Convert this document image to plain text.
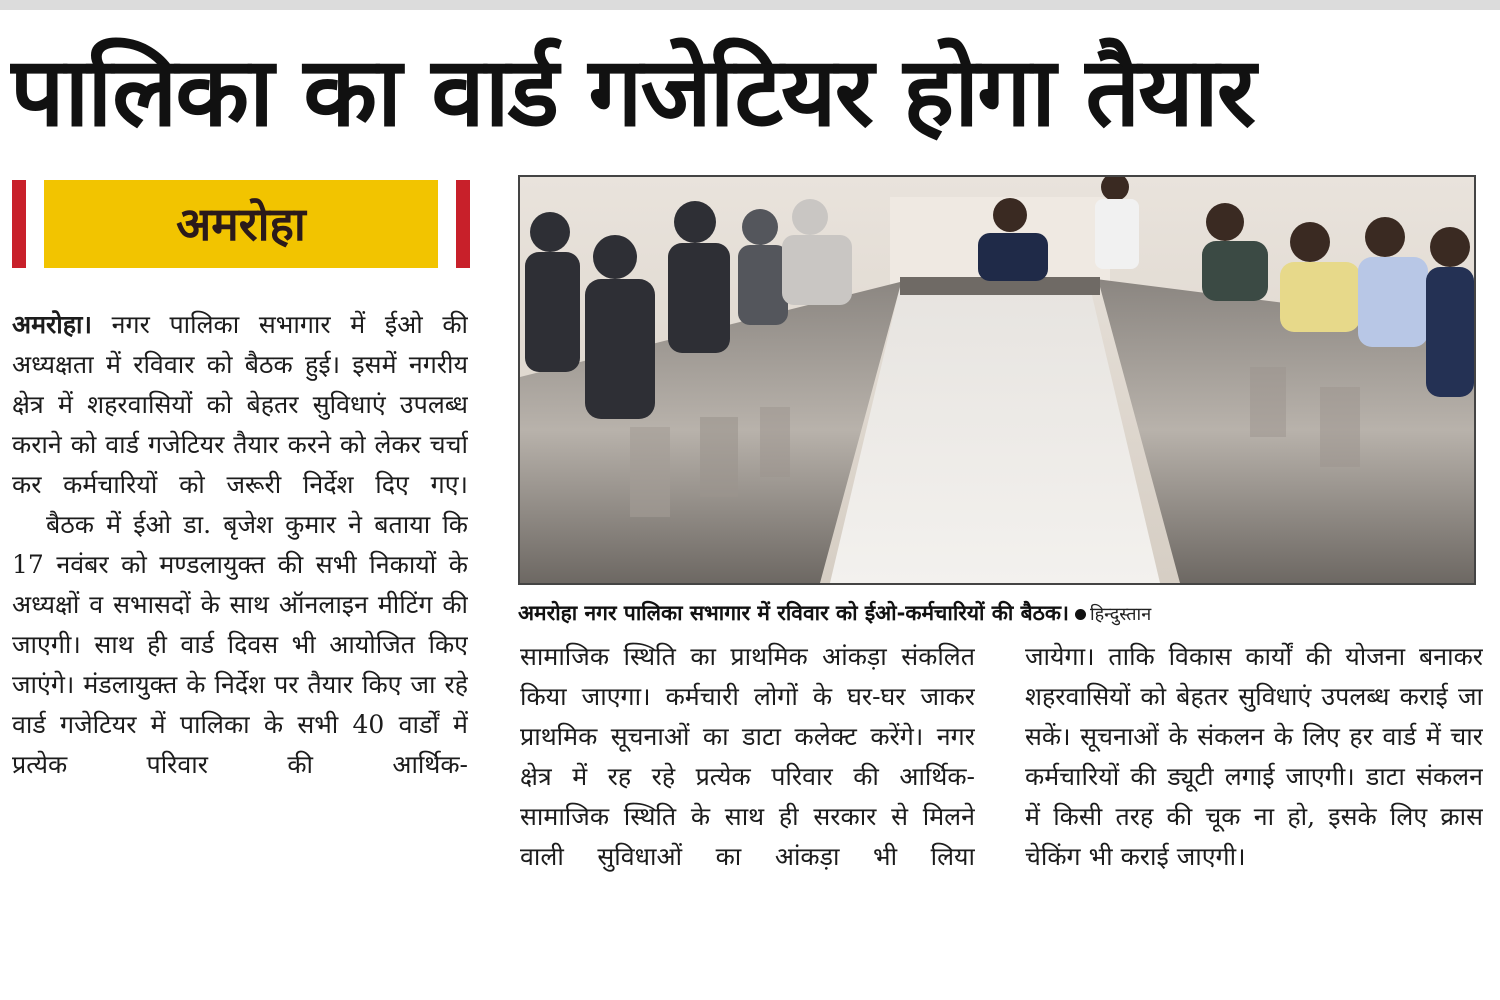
पालिका का वार्ड गजेटियर होगा तैयार
अमरोहा

अमरोहा। नगर पालिका सभागार में ईओ की अध्यक्षता में रविवार को बैठक हुई। इसमें नगरीय क्षेत्र में शहरवासियों को बेहतर सुविधाएं उपलब्ध कराने को वार्ड गजेटियर तैयार करने को लेकर चर्चा कर कर्मचारियों को जरूरी निर्देश दिए गए।

बैठक में ईओ डा. बृजेश कुमार ने बताया कि 17 नवंबर को मण्डलायुक्त की सभी निकायों के अध्यक्षों व सभासदों के साथ ऑनलाइन मीटिंग की जाएगी। साथ ही वार्ड दिवस भी आयोजित किए जाएंगे। मंडलायुक्त के निर्देश पर तैयार किए जा रहे वार्ड गजेटियर में पालिका के सभी 40 वार्डों में प्रत्येक परिवार की आर्थिक-

अमरोहा नगर पालिका सभागार में रविवार को ईओ-कर्मचारियों की बैठक। हिन्दुस्तान

सामाजिक स्थिति का प्राथमिक आंकड़ा संकलित किया जाएगा। कर्मचारी लोगों के घर-घर जाकर प्राथमिक सूचनाओं का डाटा कलेक्ट करेंगे। नगर क्षेत्र में रह रहे प्रत्येक परिवार की आर्थिक-सामाजिक स्थिति के साथ ही सरकार से मिलने वाली सुविधाओं का आंकड़ा भी लिया

जायेगा। ताकि विकास कार्यों की योजना बनाकर शहरवासियों को बेहतर सुविधाएं उपलब्ध कराई जा सकें। सूचनाओं के संकलन के लिए हर वार्ड में चार कर्मचारियों की ड्यूटी लगाई जाएगी। डाटा संकलन में किसी तरह की चूक ना हो, इसके लिए क्रास चेकिंग भी कराई जाएगी।
